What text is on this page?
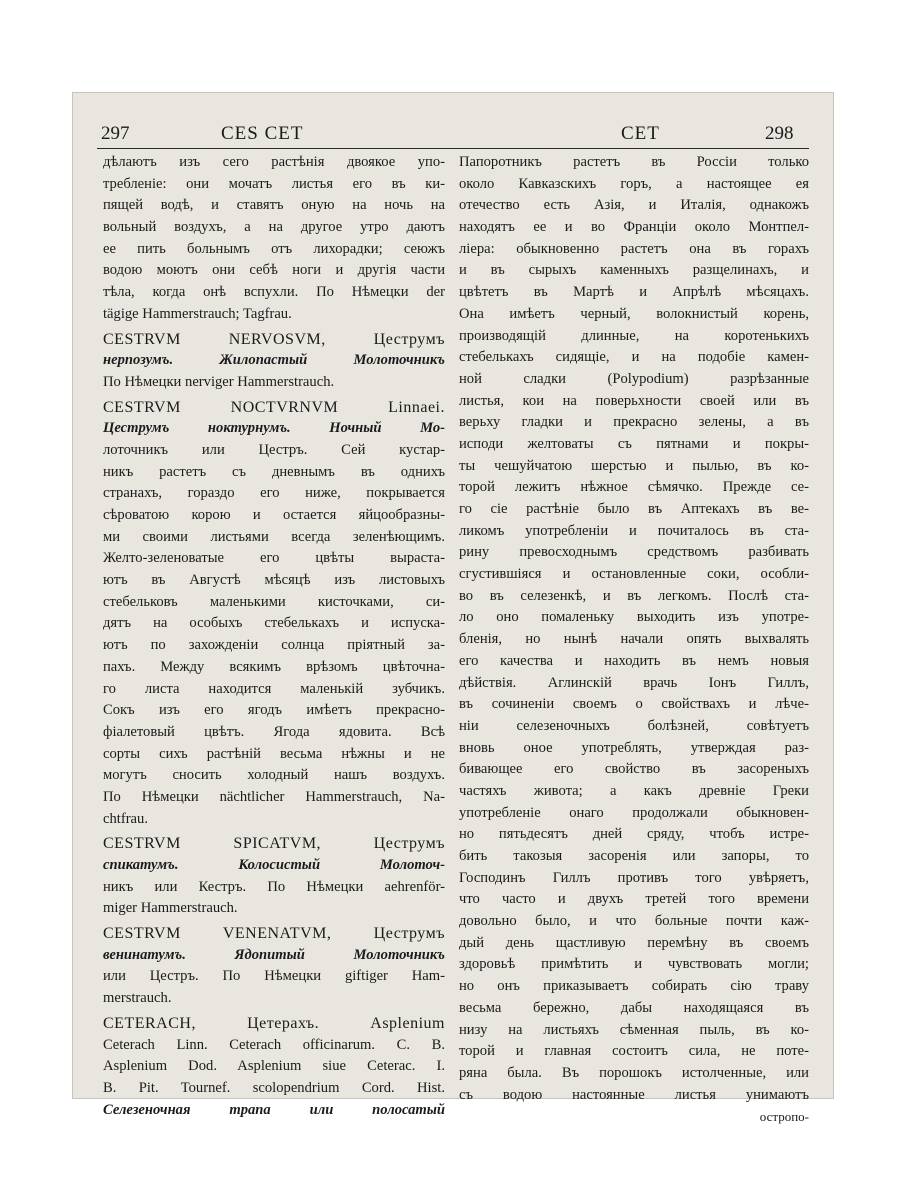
297	CES CET	CET	298
дѣлаютъ изъ сего растѣнія двоякое упо-
требленіе: они мочатъ листья его въ ки-
пящей водѣ, и ставятъ оную на ночь на
вольный воздухъ, а на другое утро даютъ
ее пить больнымъ отъ лихорадки; сеюжъ
водою моютъ они себѣ ноги и другія части
тѣла, когда онѣ вспухли. По Нѣмецки der
tägige Hammerstrauch; Tagfrau.
CESTRVM NERVOSVM, Цеструмъ
нерпозумъ. Жилопастый Молоточникъ
По Нѣмецки nerviger Hammerstrauch.
CESTRVM NOCTVRNVM Linnaei.
Цеструмъ ноктурнумъ. Ночный Мо-
лоточникъ или Цестръ. Сей кустар-
никъ растетъ съ дневнымъ въ однихъ
странахъ, гораздо его ниже, покрывается
сѣроватою корою и остается яйцообразны-
ми своими листьями всегда зеленѣющимъ.
Желто-зеленоватые его цвѣты выраста-
ютъ въ Августѣ мѣсяцѣ изъ листовыхъ
стебельковъ маленькими кисточками, си-
дятъ на особыхъ стебелькахъ и испуска-
ютъ по захожденіи солнца пріятный за-
пахъ. Между всякимъ врѣзомъ цвѣточна-
го листа находится маленькій зубчикъ.
Сокъ изъ его ягодъ имѣетъ прекрасно-
фіалетовый цвѣтъ. Ягода ядовита. Всѣ
сорты сихъ растѣній весьма нѣжны и не
могутъ сносить холодный нашъ воздухъ.
По Нѣмецки nächtlicher Hammerstrauch, Na-
chtfrau.
CESTRVM SPICATVM, Цеструмъ
спикатумъ. Колосистый Молоточ-
никъ или Кестръ. По Нѣмецки aehrenför-
miger Hammerstrauch.
CESTRVM VENENATVM, Цеструмъ
венинатумъ. Ядопитый Молоточникъ
или Цестръ. По Нѣмецки giftiger Ham-
merstrauch.
CETERACH, Цетерахъ. Asplenium
Ceterach Linn. Ceterach officinarum. C. B.
Asplenium Dod. Asplenium siue Ceterac. I.
B. Pit. Tournef. scolopendrium Cord. Hist.
Селезеночная трапа или полосатый
Папоротникъ растетъ въ Россіи только
около Кавказскихъ горъ, а настоящее ея
отечество есть Азія, и Италія, однакожъ
находятъ ее и во Франціи около Монтпел-
ліера: обыкновенно растетъ она въ горахъ
и въ сырыхъ каменныхъ разщелинахъ, и
цвѣтетъ въ Мартѣ и Апрѣлѣ мѣсяцахъ.
Она имѣетъ черный, волокнистый корень,
производящій длинные, на коротенькихъ
стебелькахъ сидящіе, и на подобіе камен-
ной сладки (Polypodium) разрѣзанные
листья, кои на поверьхности своей или въ
верьху гладки и прекрасно зелены, а въ
исподи желтоваты съ пятнами и покры-
ты чешуйчатою шерстью и пылью, въ ко-
торой лежитъ нѣжное сѣмячко. Прежде се-
го сіе растѣніе было въ Аптекахъ въ ве-
ликомъ употребленіи и почиталось въ ста-
рину превосходнымъ средствомъ разбивать
сгустившіяся и остановленные соки, особли-
во въ селезенкѣ, и въ легкомъ. Послѣ ста-
ло оно помаленьку выходить изъ употре-
бленія, но нынѣ начали опять выхвалять
его качества и находить въ немъ новыя
дѣйствія. Аглинскій врачь Іонъ Гиллъ,
въ сочиненіи своемъ о свойствахъ и лѣче-
ніи селезеночныхъ болѣзней, совѣтуетъ
вновь оное употреблять, утверждая раз-
бивающее его свойство въ засореныхъ
частяхъ живота; а какъ древніе Греки
употребленіе онаго продолжали обыкновен-
но пятьдесятъ дней сряду, чтобъ истре-
бить такозыя засоренія или запоры, то
Господинъ Гиллъ противъ того увѣряетъ,
что часто и двухъ третей того времени
довольно было, и что больные почти каж-
дый день щастливую перемѣну въ своемъ
здоровьѣ примѣтить и чувствовать могли;
но онъ приказываетъ собирать сію траву
весьма бережно, дабы находящаяся въ
низу на листьяхъ сѣменная пыль, въ ко-
торой и главная состоитъ сила, не поте-
ряна была. Въ порошокъ истолченные, или
съ водою настоянные листья унимаютъ
остропо-
